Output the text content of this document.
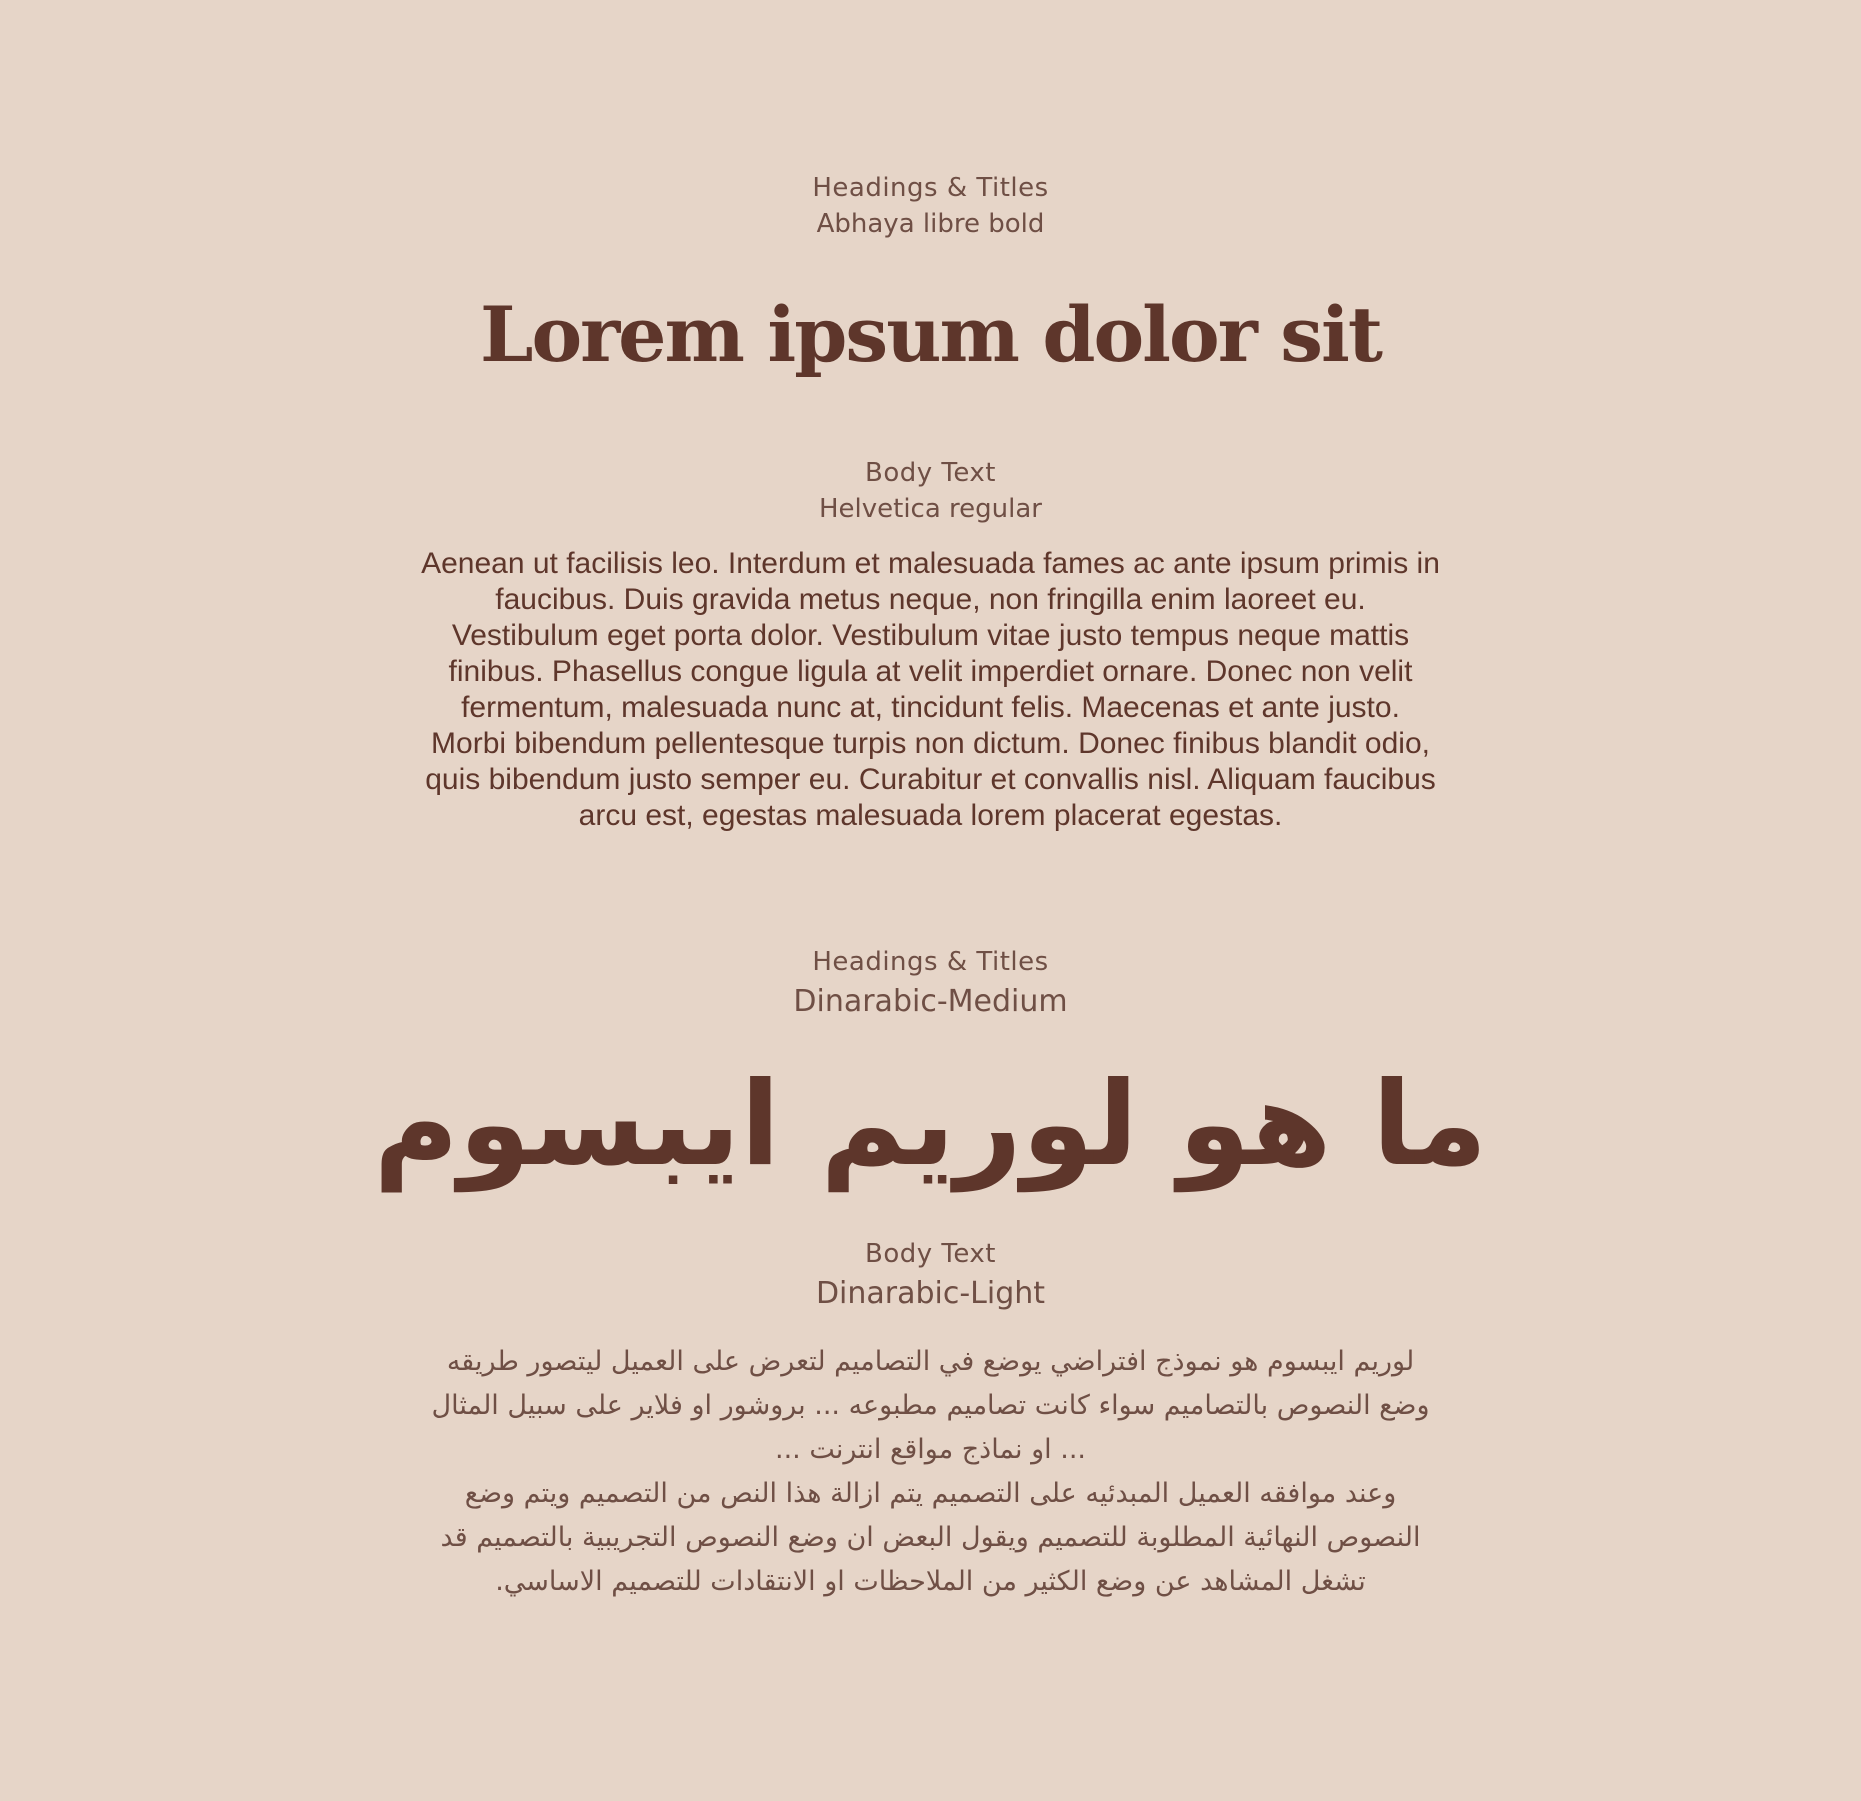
Headings & Titles
Abhaya libre bold
Lorem ipsum dolor sit
Body Text
Helvetica regular
Aenean ut facilisis leo. Interdum et malesuada fames ac ante ipsum primis in faucibus. Duis gravida metus neque, non fringilla enim laoreet eu. Vestibulum eget porta dolor. Vestibulum vitae justo tempus neque mattis finibus. Phasellus congue ligula at velit imperdiet ornare. Donec non velit fermentum, malesuada nunc at, tincidunt felis. Maecenas et ante justo. Morbi bibendum pellentesque turpis non dictum. Donec finibus blandit odio, quis bibendum justo semper eu. Curabitur et convallis nisl. Aliquam faucibus arcu est, egestas malesuada lorem placerat egestas.
Headings & Titles
Dinarabic-Medium
ما هو لوريم ايبسوم
Body Text
Dinarabic-Light
لوريم ايبسوم هو نموذج افتراضي يوضع في التصاميم لتعرض على العميل ليتصور طريقه وضع النصوص بالتصاميم سواء كانت تصاميم مطبوعه ... بروشور او فلاير على سبيل المثال ... او نماذج مواقع انترنت ...
وعند موافقه العميل المبدئيه على التصميم يتم ازالة هذا النص من التصميم ويتم وضع النصوص النهائية المطلوبة للتصميم ويقول البعض ان وضع النصوص التجريبية بالتصميم قد تشغل المشاهد عن وضع الكثير من الملاحظات او الانتقادات للتصميم الاساسي.
